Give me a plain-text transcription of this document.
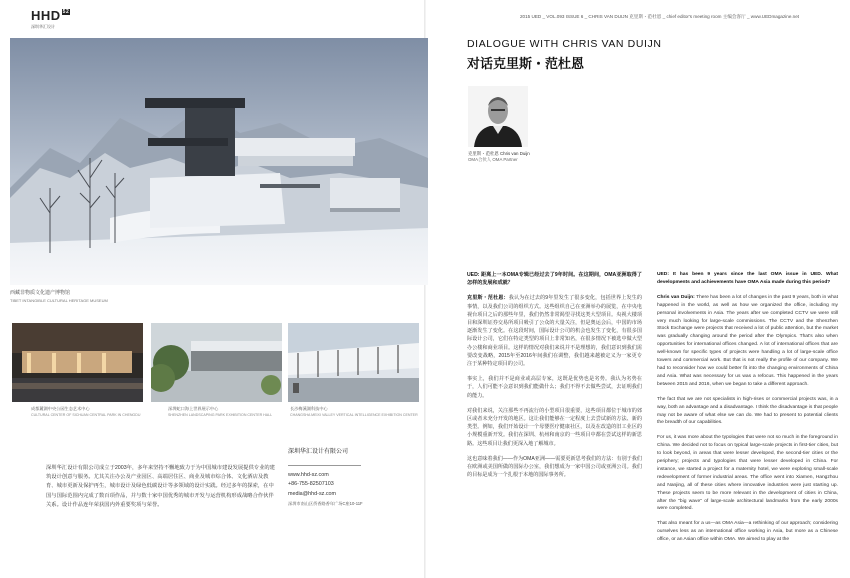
HHD $^{52}$
深圳华汇设计
西藏非物质文化遗产博物馆
TIBET INTANGIBLE CULTURAL HERITAGE MUSEUM
成都麓湖中央公园生态艺术中心
CULTURAL CENTER OF SICHUAN CENTRAL PARK IN CHENGDU
深圳蛇口海上世界展示中心
SHENZHEN LANDSCAPING PARK EXHIBITION CENTER HALL
长沙梅溪湖科技中心
CHANGSHA MEIXI VALLEY VERTICAL INTELLIGENCE EXHIBITION CENTER
深圳华汇设计有限公司成立于2003年，多年来坚持不懈地致力于为中国城市建设发展提供专业的建筑设计创意与服务。尤其关注办公及产业园区、高端居住区、商业及城市综合体、文化酒店及教育、城市更新及保护再生，城市设计及绿色低碳设计等多领域的设计实践。经过多年的探索，在中国与国际范围内完成了数百项作品，并与数十家中国优秀的城市开发与运营机构形成战略合作伙伴关系。设计作品连年荣获国内外重要奖项与荣誉。
深圳华汇设计有限公司
www.hhd-sz.com
+86-755-82507103
media@hhd-sz.com
深圳市南山区侨香路香年广场C座10-11F
2015 UED _ VOL.093 ISSUE 6 _ CHRIS VAN DUIJN 克里斯・范杜恩 _ chief editor's meeting room 主编会客厅 _ www.UEDmagazine.net
DIALOGUE WITH CHRIS VAN DUIJN
对话克里斯・范杜恩
克里斯・范杜恩 Chris van Duijn
OMA合伙人 OMA Partner

UED: 距离上一本OMA专辑已经过去了9年时间。在这期间，OMA亚洲取得了怎样的发展和成就？

克里斯・范杜恩：我认为在过去的9年里发生了很多变化，包括世界上发生的事情，以及我们公司的组织方式。这些组织自己在亚洲举办的展览，在中央电视台项目之后的那些年里，我们仍然非常渴望寻找这类大型项目。央视大楼项目和深圳证券交易所项目吸引了公众的大量关注，但是奥运会后，中国的市场逐渐发生了变化。在这段时间，国际设计公司的机会也发生了变化，有很多国际设计公司，它们在特定类型的项目上非常知名，在很多情况下被选中做大型办公楼和商业项目。这样的情况对我们来说并不是理想的，我们意识到我们需要改变战略，2015年至2016年间我们在调整，我们越来越被定义为一家更专注于某种特定项目的公司。

事实上，我们并不是商业或高层专家，这既是优势也是劣势。我认为劣势在于，人们可能不会意识到我们能做什么；我们不得不去做些尝试，去证明我们的能力。

对我们来说，关注那些不再流行的小型项目很重要，这些项目都位于城市的郊区或者未充分开发的地区。这让我们能够在一定程度上去尝试新的方法、新的类型。例如，我们开始设计一个母婴医疗健康社区，以及在改造的旧工业区的小规模重新开发。我们在深圳、杭州和南京的一些项目中都在尝试这样的新思路。这些项目让我们更深入地了解城市。

这也意味着我们——作为OMA亚洲——需要更新思考我们的方法：有别于我们在欧洲或美国所做的国际办公室，我们想成为一家中国公司或亚洲公司。我们的目标是成为一个扎根于本地的国际事务所。

UED: It has been 9 years since the last OMA issue in UED. What developments and achievements have OMA Asia made during this period?

Chris van Duijn: There has been a lot of changes in the past 9 years, both in what happened in the world, as well as how we organized the office, including my personal involvements in Asia. The years after we completed CCTV we were still very much looking for large-scale commissions. The CCTV and the Shenzhen Stock Exchange were projects that received a lot of public attention, but the market was gradually changing around the period after the Olympics. That's also when opportunities for international offices changed. A lot of international offices that are well-known for specific types of projects were handling a lot of large-scale office towers and commercial work. But that is not really the profile of our company. We had to reconsider how we could better fit into the changing environments of China and Asia. What was necessary for us was a refocus. This happened in the years between 2015 and 2016, when we began to take a different approach.

The fact that we are not specialists in high-rises or commercial projects was, in a way, both an advantage and a disadvantage. I think the disadvantage is that people may not be aware of what else we can do. We had to present to potential clients the breadth of our capabilities.

For us, it was more about the typologies that were not so much in the foreground in China. We decided not to focus on typical large-scale projects in first-tier cities, but to look beyond, in areas that were lesser developed, the second-tier cities or the periphery; projects and typologies that were lesser developed in China. For instance, we started a project for a maternity hotel, we were exploring small-scale redevelopment of former industrial areas. The office went into Xiamen, Hangzhou and Nanjing, all of these cities where innovative industries were just starting up. These projects seem to be more relevant in the development of cities in China, after the "big wave" of large-scale architectural landmarks from the early 2000s were completed.

That also meant for a us—as OMA Asia—a rethinking of our approach; considering ourselves less as an international office working in Asia, but more as a Chinese office, or an Asian office within OMA. We aimed to play at the
